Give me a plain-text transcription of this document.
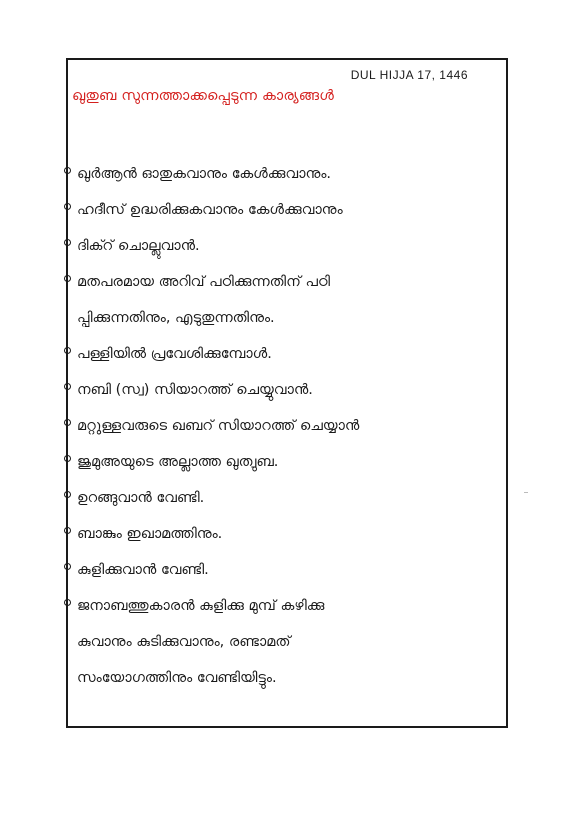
DUL HIJJA 17, 1446
ഖുതുബ സുന്നത്താക്കപ്പെടുന്ന കാര്യങ്ങൾ
ഖുർആൻ ഓതുകവാനും കേൾക്കുവാനും.
ഹദീസ് ഉദ്ധരിക്കുകവാനും കേൾക്കുവാനും
ദിക്റ് ചൊല്ലുവാൻ.
മതപരമായ അറിവ് പഠിക്കുന്നതിന് പഠി
പ്പിക്കുന്നതിനും, എടുതുന്നതിനും.
പള്ളിയിൽ പ്രവേശിക്കുമ്പോൾ.
നബി (സ്വ) സിയാറത്ത് ചെയ്യുവാൻ.
മറ്റുള്ളവരുടെ ഖബറ് സിയാറത്ത് ചെയ്യാൻ
ജുമുഅയുടെ അല്ലാത്ത ഖുത്വുബ.
ഉറങ്ങുവാൻ വേണ്ടി.
ബാങ്കും ഇഖാമത്തിനും.
കുളിക്കുവാൻ വേണ്ടി.
ജനാബത്തുകാരൻ കുളിക്കു മുമ്പ് കഴിക്കു
കുവാനും കുടിക്കുവാനും, രണ്ടാമത്
സംയോഗത്തിനും വേണ്ടിയിട്ടും.
